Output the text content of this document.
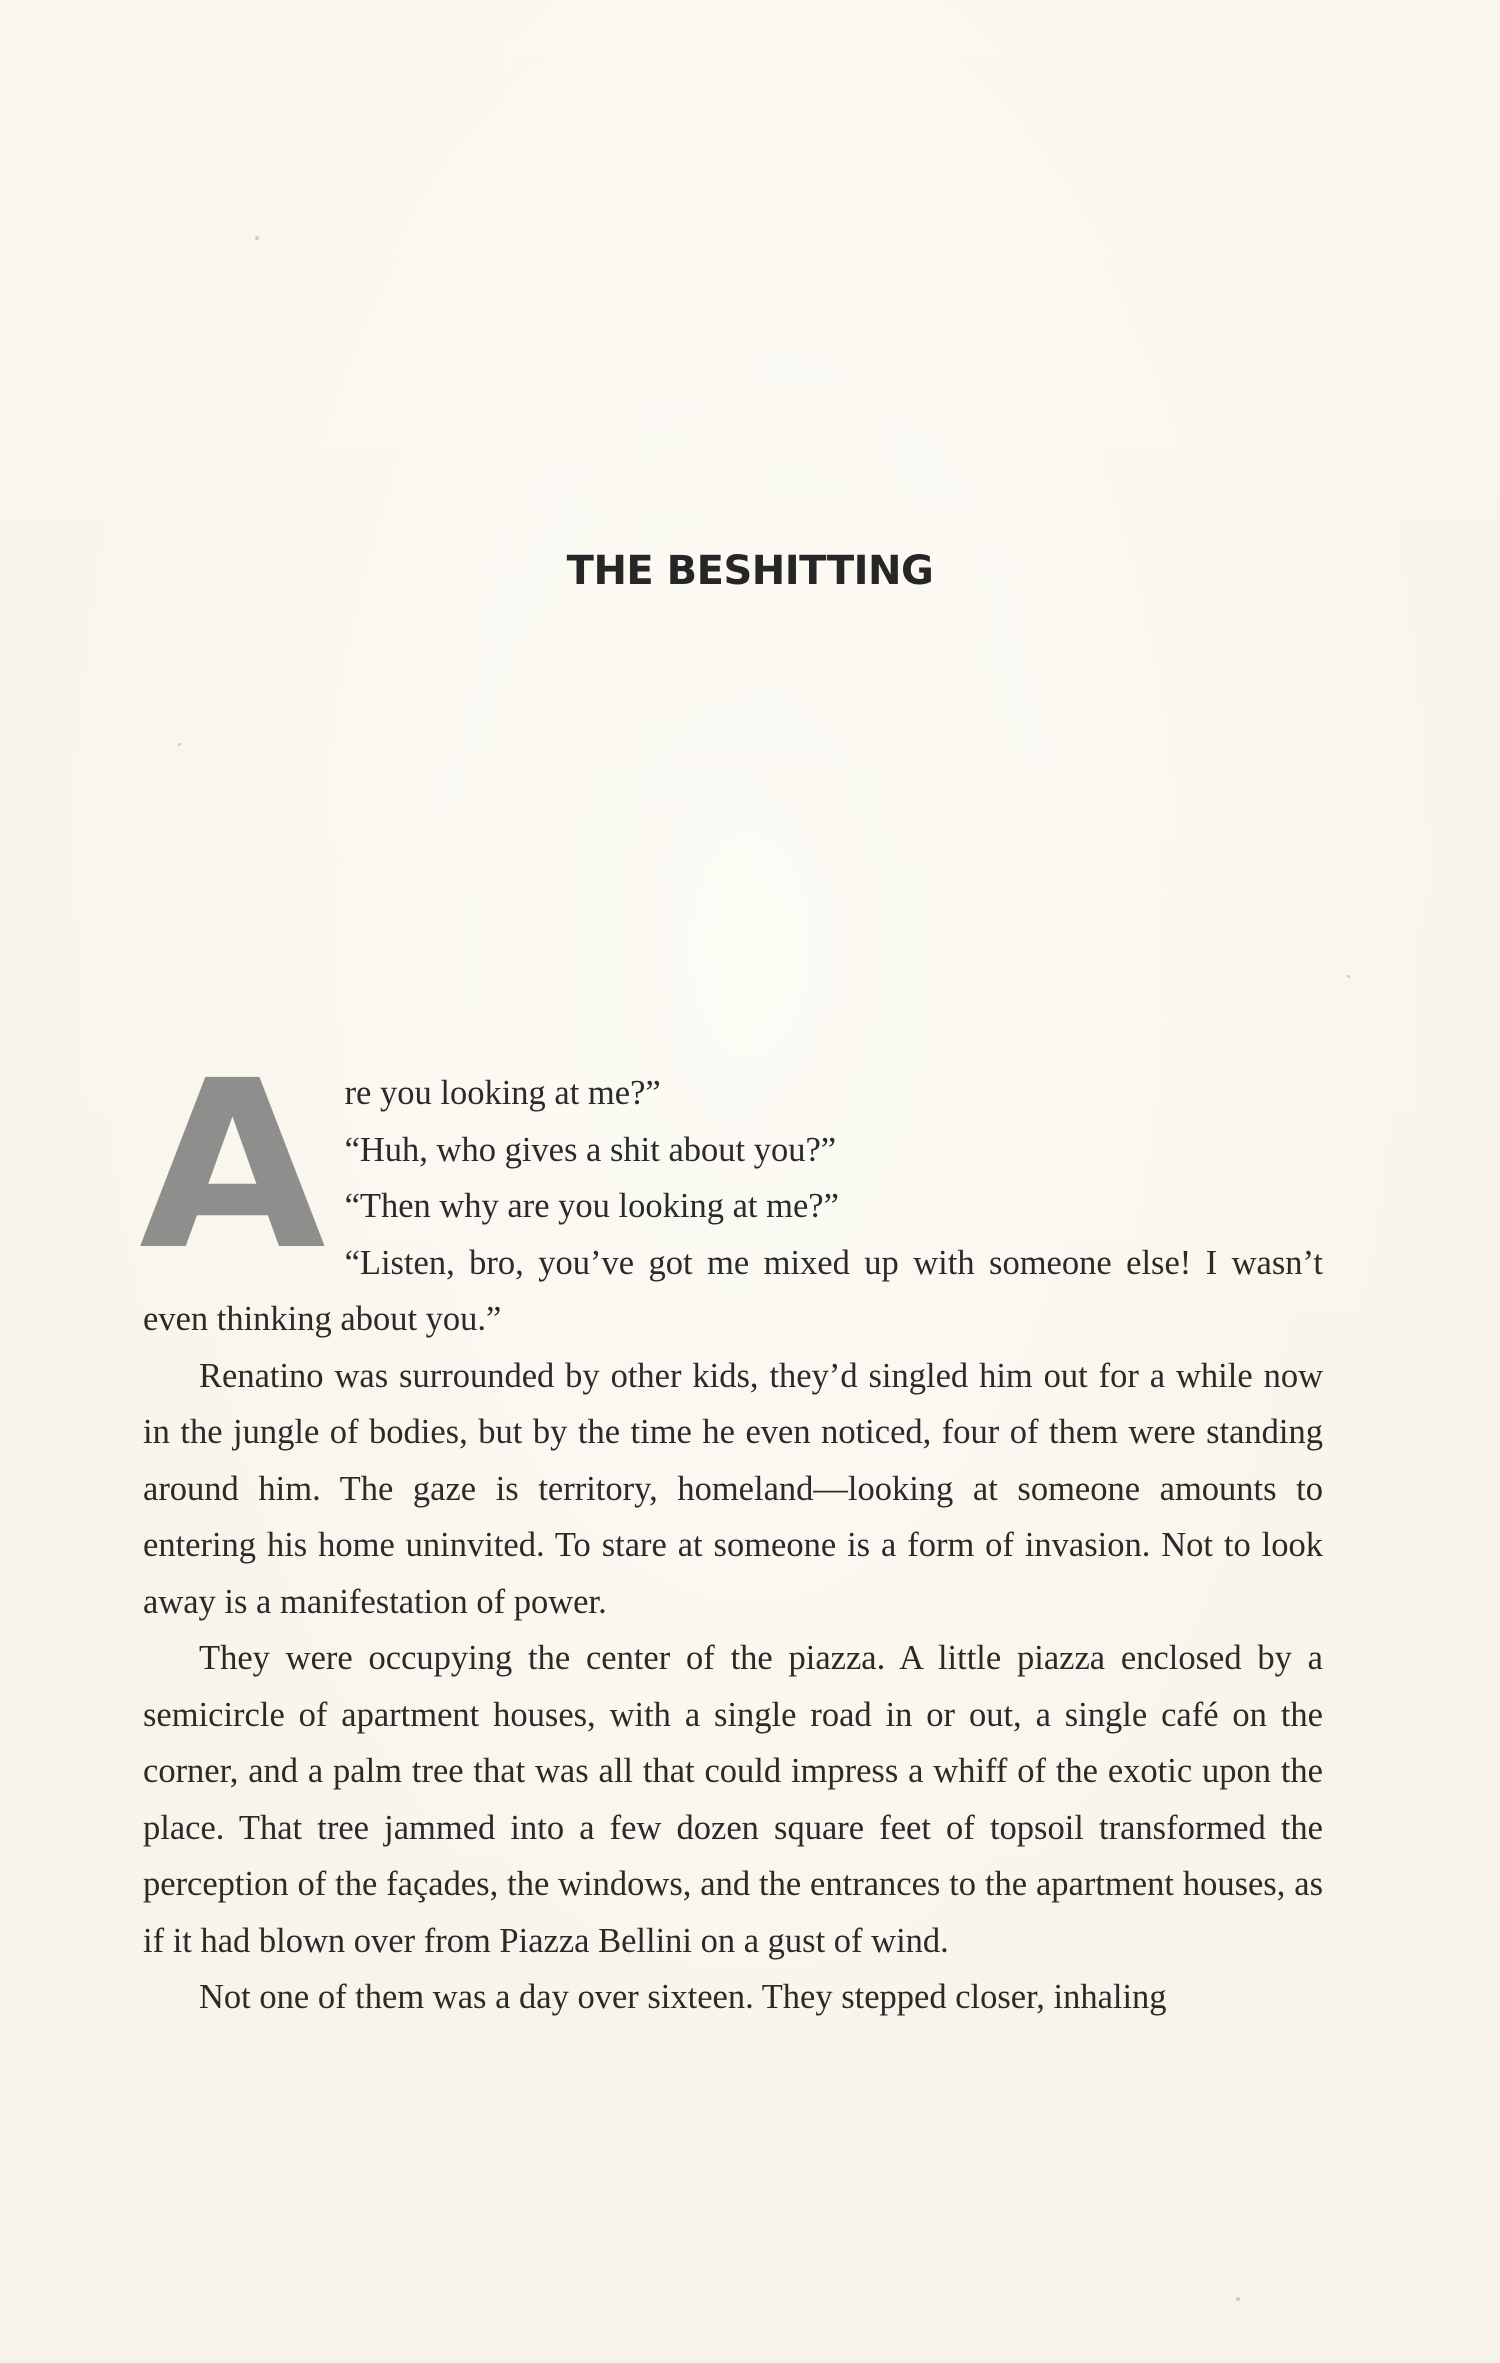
THE BESHITTING
A re you looking at me?”

“Huh, who gives a shit about you?”

“Then why are you looking at me?”

“Listen, bro, you’ve got me mixed up with someone else! I wasn’t even thinking about you.”

Renatino was surrounded by other kids, they’d singled him out for a while now in the jungle of bodies, but by the time he even noticed, four of them were standing around him. The gaze is territory, homeland—looking at someone amounts to entering his home uninvited. To stare at someone is a form of invasion. Not to look away is a manifestation of power.

They were occupying the center of the piazza. A little piazza enclosed by a semicircle of apartment houses, with a single road in or out, a single café on the corner, and a palm tree that was all that could impress a whiff of the exotic upon the place. That tree jammed into a few dozen square feet of topsoil transformed the perception of the façades, the windows, and the entrances to the apartment houses, as if it had blown over from Piazza Bellini on a gust of wind.

Not one of them was a day over sixteen. They stepped closer, inhaling
